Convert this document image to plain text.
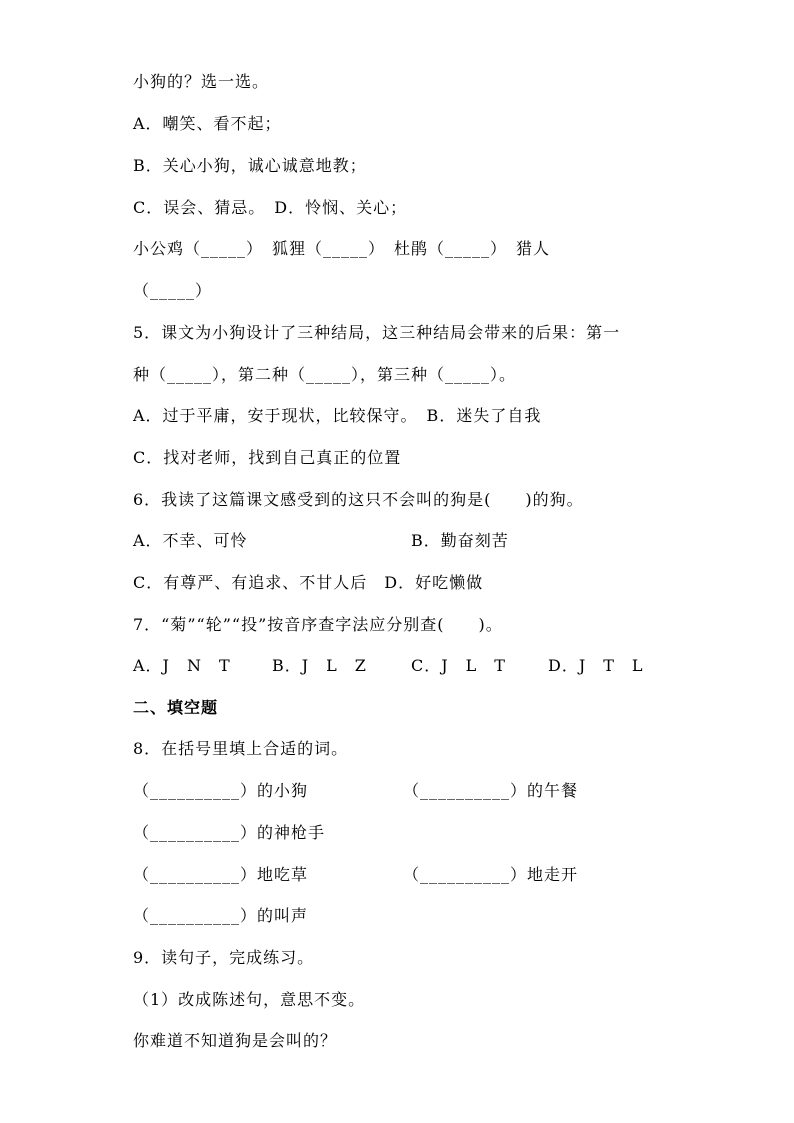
小狗的？选一选。
A．嘲笑、看不起；
B．关心小狗，诚心诚意地教；
C．误会、猜忌。　D．怜悯、关心；
小公鸡（_____）　狐狸（_____）　杜鹃（_____）　猎人
（_____）
5．课文为小狗设计了三种结局，这三种结局会带来的后果：第一
种（_____），第二种（_____），第三种（_____）。
A．过于平庸，安于现状，比较保守。　B．迷失了自我
C．找对老师，找到自己真正的位置
6．我读了这篇课文感受到的这只不会叫的狗是(　　)的狗。
A．不幸、可怜	B．勤奋刻苦
C．有尊严、有追求、不甘人后　D．好吃懒做
7．“菊”“轮”“投”按音序查字法应分别查(　　)。
A．J　N　T	B．J　L　Z	C．J　L　T	D．J　T　L
二、填空题
8．在括号里填上合适的词。
（__________）的小狗	（__________）的午餐
（__________）的神枪手
（__________）地吃草	（__________）地走开
（__________）的叫声
9．读句子，完成练习。
（1）改成陈述句，意思不变。
你难道不知道狗是会叫的？
